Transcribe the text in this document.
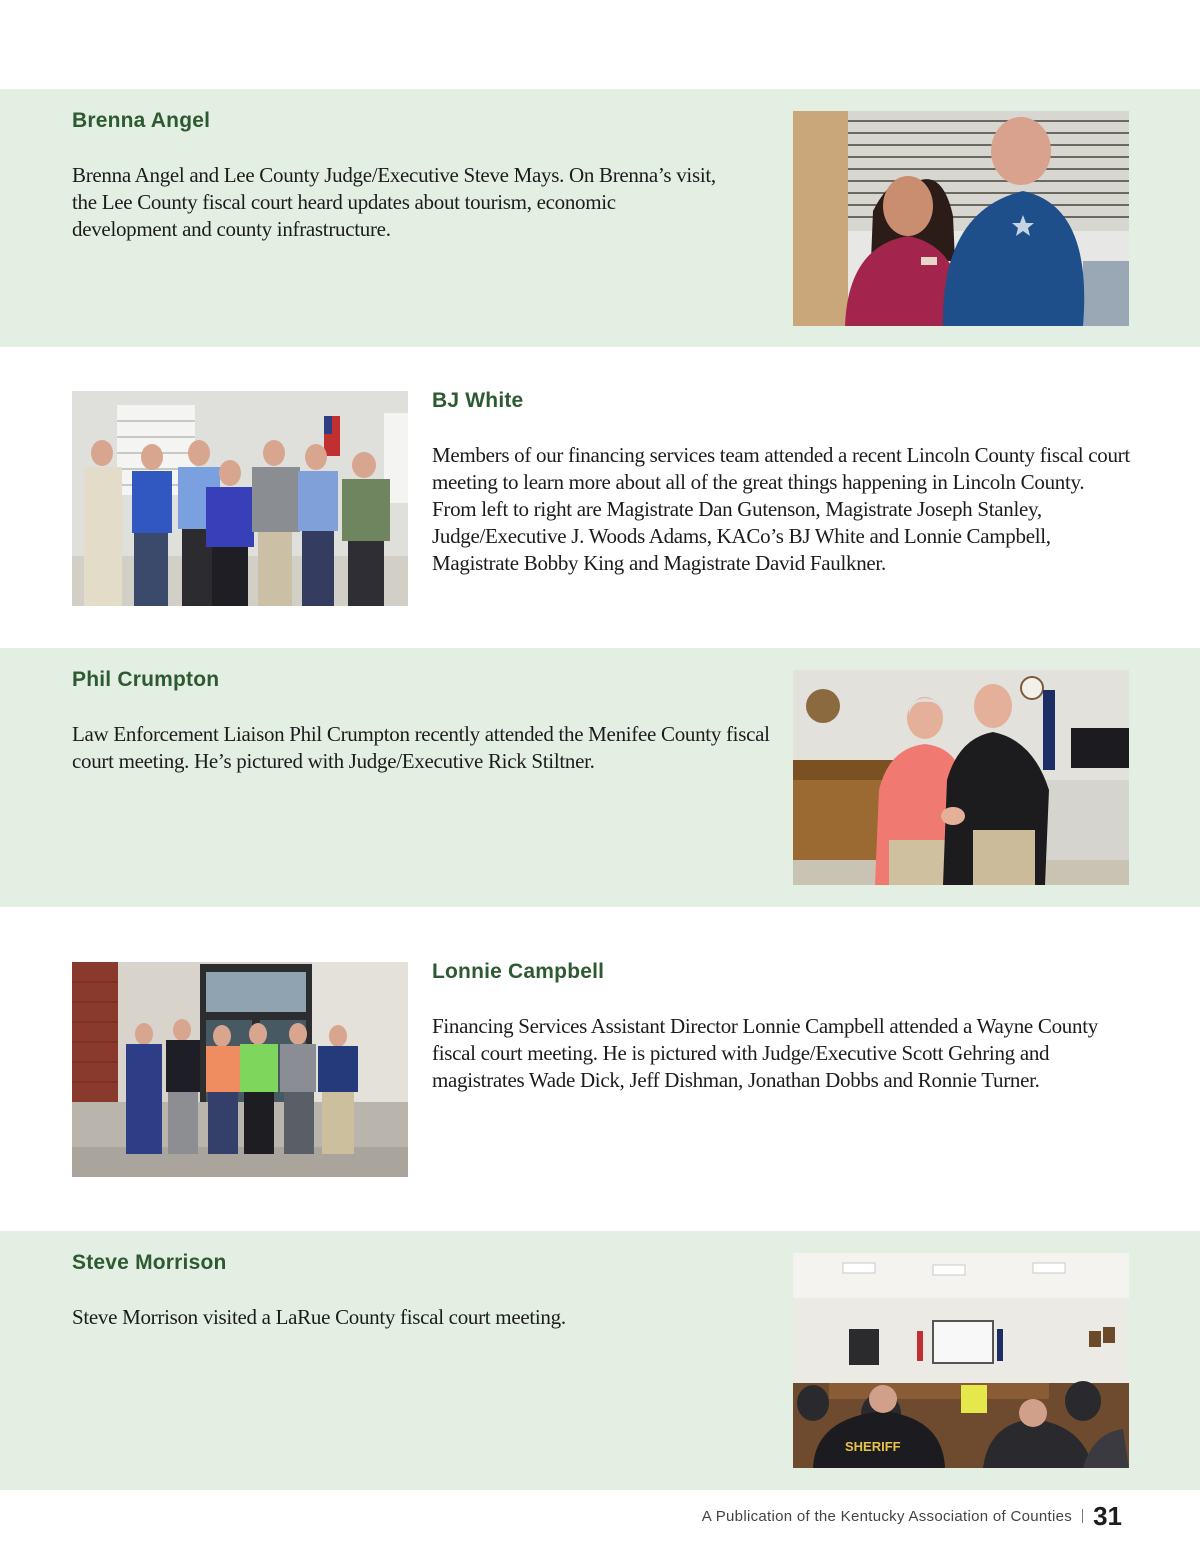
Brenna Angel

Brenna Angel and Lee County Judge/Executive Steve Mays. On Brenna’s visit, the Lee County fiscal court heard updates about tourism, economic development and county infrastructure.

BJ White

Members of our financing services team attended a recent Lincoln County fiscal court meeting to learn more about all of the great things happening in Lincoln County. From left to right are Magistrate Dan Gutenson, Magistrate Joseph Stanley, Judge/Executive J. Woods Adams, KACo’s BJ White and Lonnie Campbell, Magistrate Bobby King and Magistrate David Faulkner.

Phil Crumpton

Law Enforcement Liaison Phil Crumpton recently attended the Menifee County fiscal court meeting. He’s pictured with Judge/Executive Rick Stiltner.

Lonnie Campbell

Financing Services Assistant Director Lonnie Campbell attended a Wayne County fiscal court meeting. He is pictured with Judge/Executive Scott Gehring and magistrates Wade Dick, Jeff Dishman, Jonathan Dobbs and Ronnie Turner.

Steve Morrison

Steve Morrison visited a LaRue County fiscal court meeting.

SHERIFF
A Publication of the Kentucky Association of Counties 31
